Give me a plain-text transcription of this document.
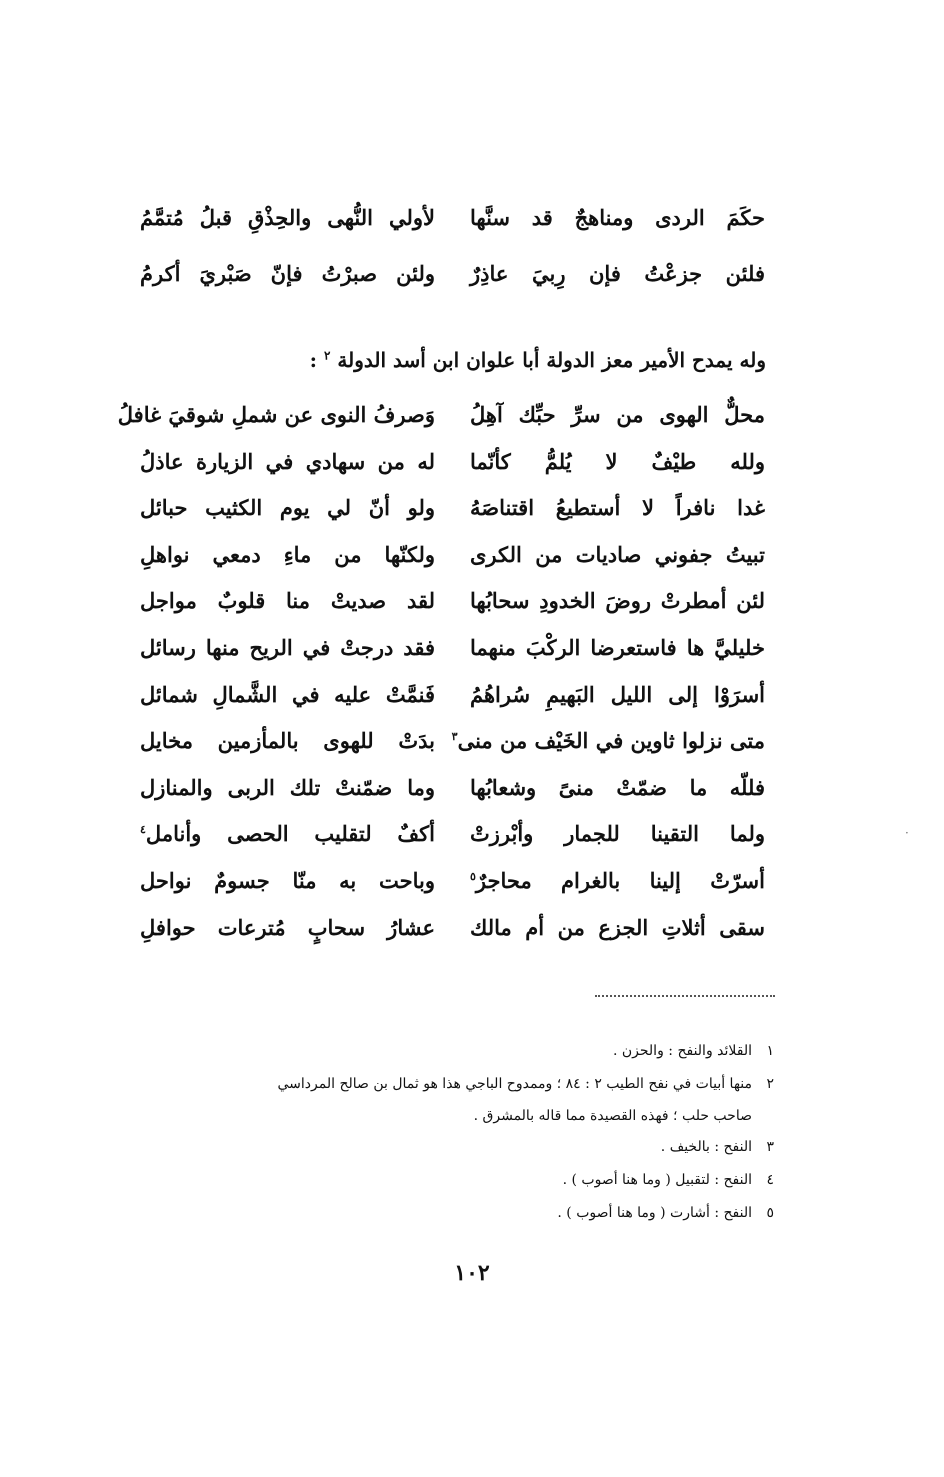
حكَمَ الردى ومناهجٌ قد سنَّها
لأولي النُّهى والحِذْقِ قبلُ مُتمَّمُ
فلئن جزعْتُ فإن رِبيَ عاذِرٌ
ولئن صبرْتُ فإنّ صَبْريَ أكرمُ
وله يمدح الأمير معز الدولة أبا علوان ابن أسد الدولة $^٢$ :
محلٌّ الهوى من سرِّ حبِّك آهِلُ
وَصرفُ النوى عن شملِ شوقيَ غافلُ
ولله طيْفٌ لا يُلمُّ كأنّما
له من سهادي في الزيارة عاذلُ
غدا نافراً لا أستطيعُ اقتناصَهُ
ولو أنّ لي يوم الكثيب حبائل
تبيتُ جفوني صاديات من الكرى
ولكنّها من ماءِ دمعي نواهلِ
لئن أمطرتْ روضَ الخدودِ سحابُها
لقد صديتْ منا قلوبٌ مواجل
خليليَّ ها فاستعرضا الركْبَ منهما
فقد درجتْ في الريح منها رسائل
أسرَوْا إلى الليل البَهيمِ سُراهُمُ
فَنمَّتْ عليه في الشَّمالِ شمائل
متى نزلوا ثاوين في الخَيْف من منى$^٣$
بدَتْ للهوى بالمأزمين مخايل
فللّه ما ضمّتْ منىً وشعابُها
وما ضمّنتْ تلك الربى والمنازل
ولما التقينا للجمار وأبْرزتْ
أكفٌ لتقليب الحصى وأنامل$^٤$
أسرّتْ إلينا بالغرام محاجرٌ$^٥$
وباحت به منّا جسومٌ نواحل
سقى أثلاتِ الجزع من أم مالك
عشارُ سحابٍ مُترعات حوافلِ
·
١
القلائد والنفح : والحزن .
٢
منها أبيات في نفح الطيب ٢ : ٨٤ ؛ وممدوح الباجي هذا هو ثمال بن صالح المرداسي
صاحب حلب ؛ فهذه القصيدة مما قاله بالمشرق .
٣
النفح : بالخيف .
٤
النفح : لتقبيل ( وما هنا أصوب ) .
٥
النفح : أشارت ( وما هنا أصوب ) .
١٠٢
